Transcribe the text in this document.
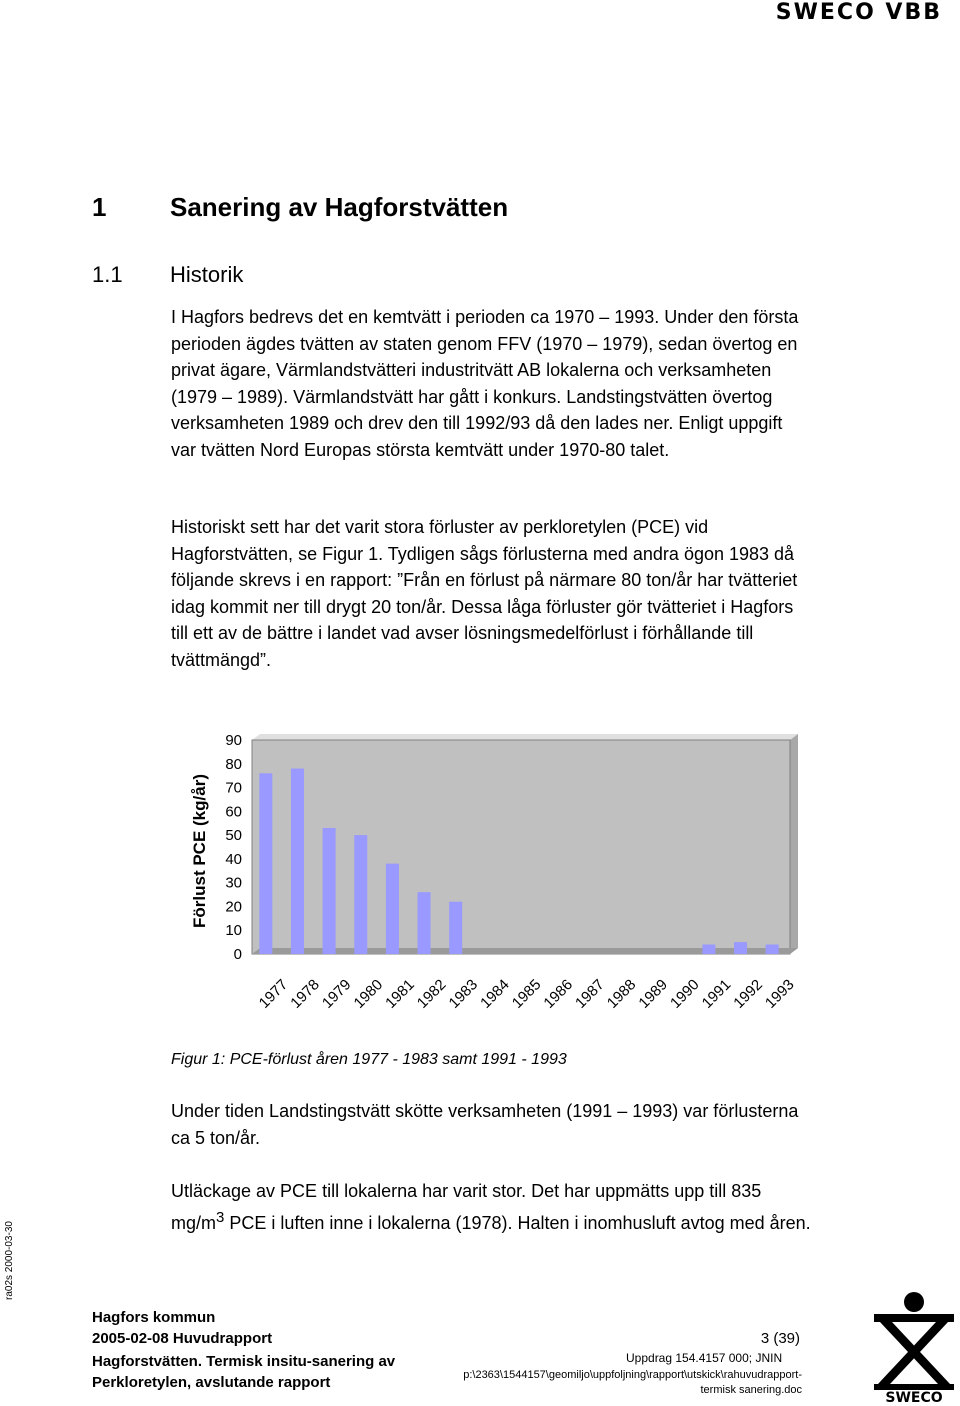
SWECO VBB
1 Sanering av Hagforstvätten
1.1 Historik

I Hagfors bedrevs det en kemtvätt i perioden ca 1970 – 1993. Under den första perioden ägdes tvätten av staten genom FFV (1970 – 1979), sedan övertog en privat ägare, Värmlandstvätteri industritvätt AB lokalerna och verksamheten (1979 – 1989). Värmlandstvätt har gått i konkurs. Landstingstvätten övertog verksamheten 1989 och drev den till 1992/93 då den lades ner. Enligt uppgift var tvätten Nord Europas största kemtvätt under 1970-80 talet.

Historiskt sett har det varit stora förluster av perkloretylen (PCE) vid Hagforstvätten, se Figur 1. Tydligen sågs förlusterna med andra ögon 1983 då följande skrevs i en rapport: ”Från en förlust på närmare 80 ton/år har tvätteriet idag kommit ner till drygt 20 ton/år. Dessa låga förluster gör tvätteriet i Hagfors till ett av de bättre i landet vad avser lösningsmedelförlust i förhållande till tvättmängd”.

0
10
20
30
40
50
60
70
80
90
1977
1978
1979
1980
1981
1982
1983
1984
1985
1986
1987
1988
1989
1990
1991
1992
1993
Förlust PCE (kg/år)

Figur 1: PCE-förlust åren 1977 - 1983 samt 1991 - 1993

Under tiden Landstingstvätt skötte verksamheten (1991 – 1993) var förlusterna ca 5 ton/år.

Utläckage av PCE till lokalerna har varit stor. Det har uppmätts upp till 835 $mg/m^3$ PCE i luften inne i lokalerna (1978). Halten i inomhusluft avtog med åren.

ra02s 2000-03-30
Hagfors kommun
2005-02-08 Huvudrapport
Hagforstvätten. Termisk insitu-sanering av Perkloretylen, avslutande rapport
3 (39)
Uppdrag 154.4157 000; JNIN
p:\2363\1544157\geomiljo\uppfoljning\rapport\utskick\rahuvudrapport-termisk sanering.doc	SWECO
